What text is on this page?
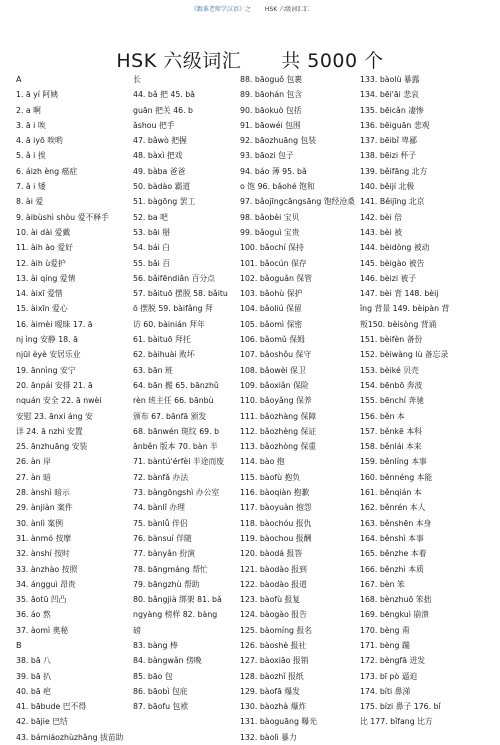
《跟谁老师学汉语》之 HSK 六级词汇汇
HSK 六级词汇 共 5000 个
A
1. ā yí 阿姨
2. a 啊
3. ā i 唉
4. ā iyō 唉哟
5. ǎ i 挨
6. áizh èng 癌症
7. ǎ i 矮
8. ài 爱
9. àibùshì shòu 爱不释手
10. ài dài 爱戴
11. àih ào 爱好
12. àih ù爱护
13. ài qíng 爱情
14. àixī 爱惜
15. àixīn 爱心
16. àimèi 暧昧 17. ā
nj ìng 安静 18. ā
njūl èyè 安居乐业
19. ānnìng 安宁
20. ānpái 安排 21. ā
nquán 安全 22. ā nwèi
安慰 23. ānxi áng 安
详 24. ā nzhì 安置
25. ānzhuāng 安装
26. àn 岸
27. àn 暗
28. ànshì 暗示
29. ànjiàn 案件
30. ànlì 案例
31. ànmó 按摩
32. ànshí 按时
33. ànzhào 按照
34. ángguì 昂贵
35. āotū 凹凸
36. áo 熬
37. àomì 奥秘
B
38. bā 八
39. bā 扒
40. bā 疤
41. bābude 巴不得
42. bājie 巴结
43. bámiáozhùzhǎng 拔苗助
长
44. bǎ 把 45. bǎ
guān 把关 46. b
ǎshou 把手
47. bǎwò 把握
48. bàxì 把戏
49. bàba 爸爸
50. bàdào 霸道
51. bàgōng 罢工
52. ba 吧
53. bāi 掰
54. bái 白
55. bǎi 百
56. bǎifēndiǎn 百分点
57. bǎituō 摆脱 58. bǎitu
ō 摆脱 59. bàifǎng 拜
访 60. bàinián 拜年
61. bàituō 拜托
62. bàihuài 败坏
63. bān 班
64. bān 搬 65. bānzhǔ
rèn 班主任 66. bānbù
颁布 67. bānfā 颁发
68. bānwén 斑纹 69. b
ǎnběn 版本 70. bàn 半
71. bàntú'érfèi 半途而废
72. bànfǎ 办法
73. bàngōngshì 办公室
74. bànlǐ 办理
75. bànlǚ 伴侣
76. bànsuí 伴随
77. bànyǎn 扮演
78. bāngmáng 帮忙
79. bāngzhù 帮助
80. bǎngjià 绑架 81. bǎ
ngyàng 榜样 82. bàng
磅
83. bàng 棒
84. bàngwǎn 傍晚
85. bāo 包
86. bāobì 包庇
87. bāofu 包袱
88. bāoguǒ 包裹
89. bāohán 包含
90. bāokuò 包括
91. bāowéi 包围
92. bāozhuāng 包装
93. bāozi 包子
94. báo 薄 95. bǎ
o 饱 96. bǎohé 饱和
97. bǎojīngcāngsāng 饱经沧桑
98. bǎobèi 宝贝
99. bǎoguì 宝贵
100. bǎochí 保持
101. bǎocún 保存
102. bǎoguǎn 保管
103. bǎohù 保护
104. bǎoliú 保留
105. bǎomì 保密
106. bǎomǔ 保姆
107. bǎoshǒu 保守
108. bǎowèi 保卫
109. bǎoxiǎn 保险
110. bǎoyǎng 保养
111. bǎozhàng 保障
112. bǎozhèng 保证
113. bǎozhòng 保重
114. bào 抱
115. bàofù 抱负
116. bàoqiàn 抱歉
117. bàoyuàn 抱怨
118. bàochóu 报仇
119. bàochou 报酬
120. bàodá 报答
121. bàodào 报到
122. bàodào 报道
123. bàofù 报复
124. bàogào 报告
125. bàomíng 报名
126. bàoshè 报社
127. bàoxiāo 报销
128. bàozhǐ 报纸
129. bàofā 爆发
130. bàozhà 爆炸
131. bàoguāng 曝光
132. bàolì 暴力
133. bàolù 暴露
134. bēi'āi 悲哀
135. bēicǎn 凄惨
136. bēiguān 悲观
137. bēibǐ 卑鄙
138. bēizi 杯子
139. běifāng 北方
140. běijí 北极
141. Běijīng 北京
142. bèi 倍
143. bèi 被
144. bèidòng 被动
145. bèigào 被告
146. bèizi 被子
147. bèi 背 148. bèij
ǐng 背景 149. bèipàn 背
叛150. bèisòng 背诵
151. bèifèn 备份
152. bèiwàng lù 备忘录
153. bèiké 贝壳
154. bēnbō 奔波
155. bēnchí 奔驰
156. běn 本
157. běnkē 本科
158. běnlái 本来
159. běnlíng 本事
160. běnnéng 本能
161. běnqián 本
162. běnrén 本人
163. běnshēn 本身
164. běnshì 本事
165. běnzhe 本着
166. běnzhì 本质
167. bèn 笨
168. bènzhuō 笨拙
169. bēngkuì 崩溃
170. bèng 甭
171. bèng 蹦
172. bèngfā 迸发
173. bī pò 逼迫
174. bíti 鼻涕
175. bízi 鼻子 176. bǐ
比 177. bǐfang 比方
